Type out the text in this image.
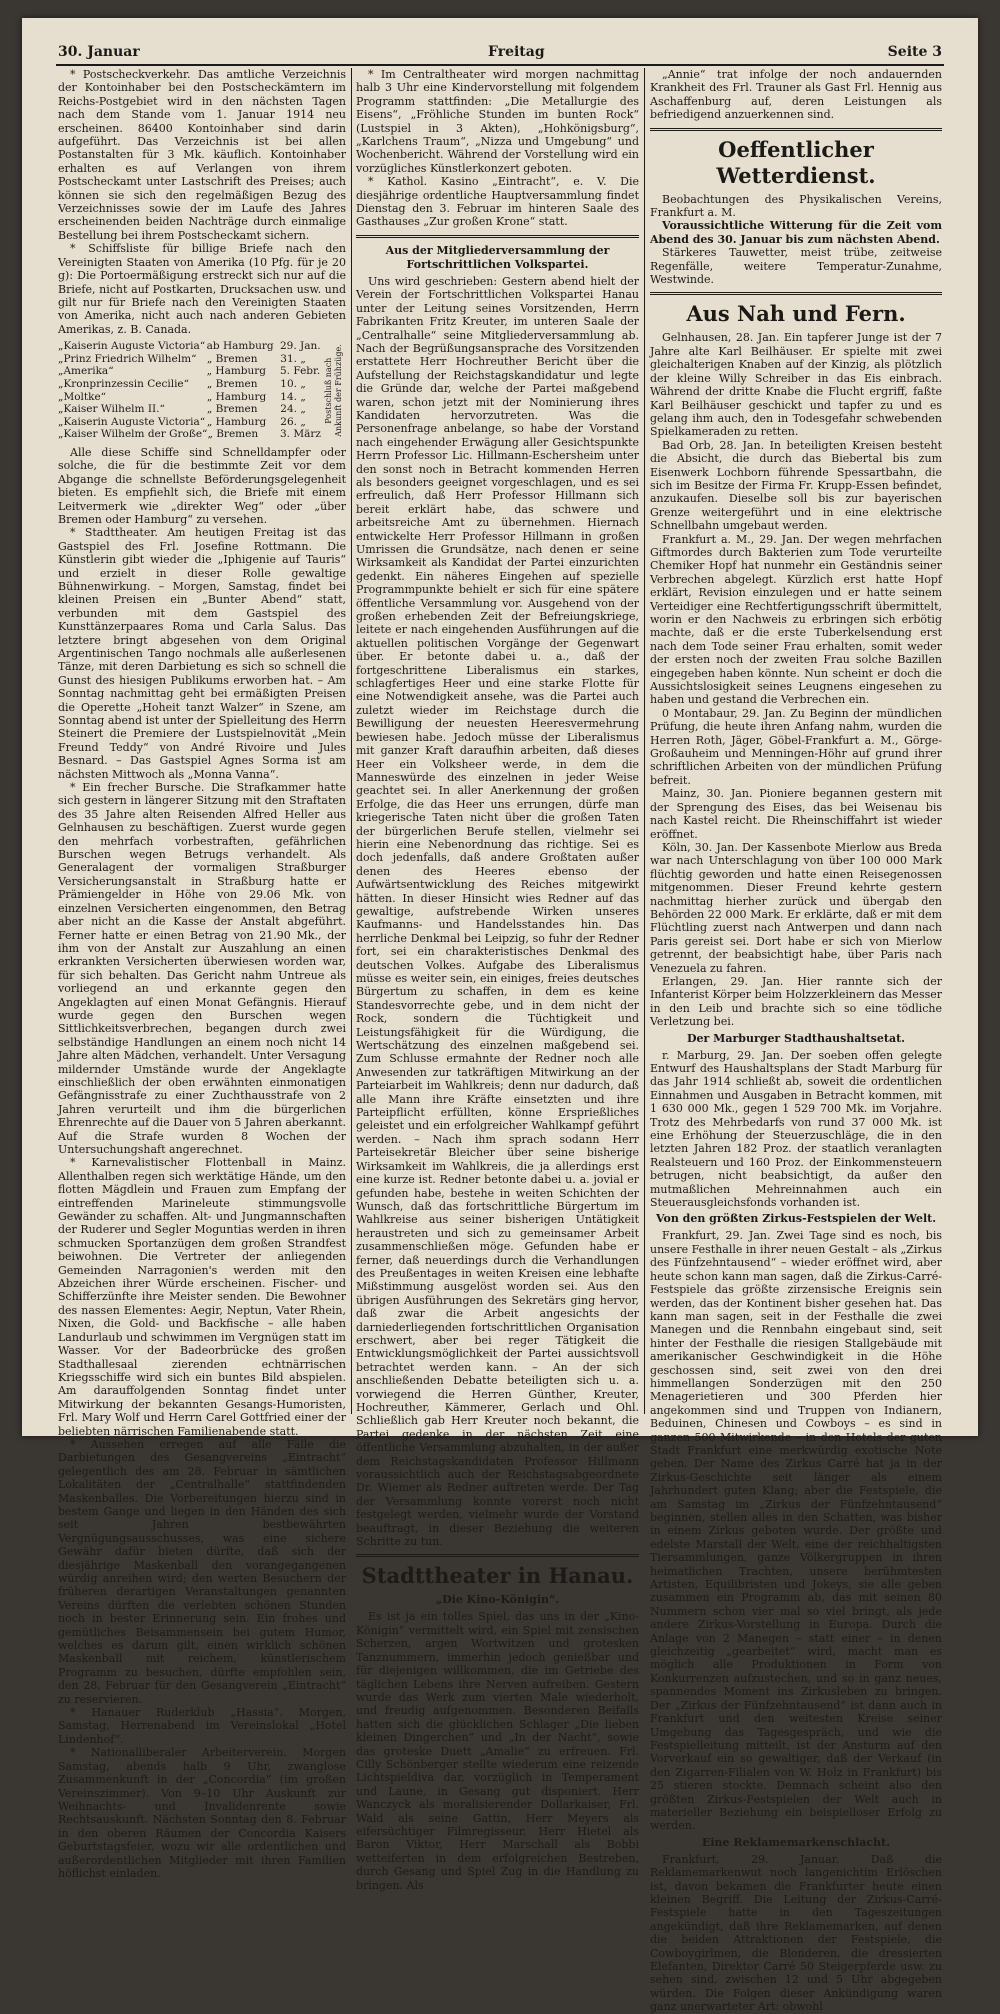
30. Januar	Freitag	Seite 3

* Postscheckverkehr. Das amtliche Verzeichnis der Kontoinhaber bei den Postscheckämtern im Reichs-Postgebiet wird in den nächsten Tagen nach dem Stande vom 1. Januar 1914 neu erscheinen. 86400 Kontoinhaber sind darin aufgeführt. Das Verzeichnis ist bei allen Postanstalten für 3 Mk. käuflich. Kontoinhaber erhalten es auf Verlangen von ihrem Postscheckamt unter Lastschrift des Preises; auch können sie sich den regelmäßigen Bezug des Verzeichnisses sowie der im Laufe des Jahres erscheinenden beiden Nachträge durch einmalige Bestellung bei ihrem Postscheckamt sichern.

* Schiffsliste für billige Briefe nach den Vereinigten Staaten von Amerika (10 Pfg. für je 20 g): Die Portoermäßigung erstreckt sich nur auf die Briefe, nicht auf Postkarten, Drucksachen usw. und gilt nur für Briefe nach den Vereinigten Staaten von Amerika, nicht auch nach anderen Gebieten Amerikas, z. B. Canada.

„Kaiserin Auguste Victoria“ ab Hamburg 29. Jan.
„Prinz Friedrich Wilhelm“ „ Bremen	31. „
„Amerika“	„ Hamburg	5. Febr.
„Kronprinzessin Cecilie“	„ Bremen	10. „
„Moltke“	„ Hamburg	14. „
„Kaiser Wilhelm II.“	„ Bremen	24. „
„Kaiserin Auguste Victoria“ „ Hamburg	26. „
„Kaiser Wilhelm der Große“ „ Bremen	3. März
Postschluß nach Ankunft der Frühzüge.

Alle diese Schiffe sind Schnelldampfer oder solche, die für die bestimmte Zeit vor dem Abgange die schnellste Beförderungsgelegenheit bieten. Es empfiehlt sich, die Briefe mit einem Leitvermerk wie „direkter Weg“ oder „über Bremen oder Hamburg“ zu versehen.

* Stadttheater. Am heutigen Freitag ist das Gastspiel des Frl. Josefine Rottmann. Die Künstlerin gibt wieder die „Iphigenie auf Tauris“ und erzielt in dieser Rolle gewaltige Bühnenwirkung. – Morgen, Samstag, findet bei kleinen Preisen ein „Bunter Abend“ statt, verbunden mit dem Gastspiel des Kunsttänzerpaares Roma und Carla Salus. Das letztere bringt abgesehen von dem Original Argentinischen Tango nochmals alle außerlesenen Tänze, mit deren Darbietung es sich so schnell die Gunst des hiesigen Publikums erworben hat. – Am Sonntag nachmittag geht bei ermäßigten Preisen die Operette „Hoheit tanzt Walzer“ in Szene, am Sonntag abend ist unter der Spielleitung des Herrn Steinert die Premiere der Lustspielnovität „Mein Freund Teddy“ von André Rivoire und Jules Besnard. – Das Gastspiel Agnes Sorma ist am nächsten Mittwoch als „Monna Vanna“.

* Ein frecher Bursche. Die Strafkammer hatte sich gestern in längerer Sitzung mit den Straftaten des 35 Jahre alten Reisenden Alfred Heller aus Gelnhausen zu beschäftigen. Zuerst wurde gegen den mehrfach vorbestraften, gefährlichen Burschen wegen Betrugs verhandelt. Als Generalagent der vormaligen Straßburger Versicherungsanstalt in Straßburg hatte er Prämiengelder in Höhe von 29.06 Mk. von einzelnen Versicherten eingenommen, den Betrag aber nicht an die Kasse der Anstalt abgeführt. Ferner hatte er einen Betrag von 21.90 Mk., der ihm von der Anstalt zur Auszahlung an einen erkrankten Versicherten überwiesen worden war, für sich behalten. Das Gericht nahm Untreue als vorliegend an und erkannte gegen den Angeklagten auf einen Monat Gefängnis. Hierauf wurde gegen den Burschen wegen Sittlichkeitsverbrechen, begangen durch zwei selbständige Handlungen an einem noch nicht 14 Jahre alten Mädchen, verhandelt. Unter Versagung mildernder Umstände wurde der Angeklagte einschließlich der oben erwähnten einmonatigen Gefängnisstrafe zu einer Zuchthausstrafe von 2 Jahren verurteilt und ihm die bürgerlichen Ehrenrechte auf die Dauer von 5 Jahren aberkannt. Auf die Strafe wurden 8 Wochen der Untersuchungshaft angerechnet.

* Karnevalistischer Flottenball in Mainz. Allenthalben regen sich werktätige Hände, um den flotten Mägdlein und Frauen zum Empfang der eintreffenden Marineleute stimmungsvolle Gewänder zu schaffen. Alt- und Jungmannschaften der Ruderer und Segler Moguntias werden in ihren schmucken Sportanzügen dem großen Strandfest beiwohnen. Die Vertreter der anliegenden Gemeinden Narragonien's werden mit den Abzeichen ihrer Würde erscheinen. Fischer- und Schifferzünfte ihre Meister senden. Die Bewohner des nassen Elementes: Aegir, Neptun, Vater Rhein, Nixen, die Gold- und Backfische – alle haben Landurlaub und schwimmen im Vergnügen statt im Wasser. Vor der Badeorbrücke des großen Stadthallesaal zierenden echtnärrischen Kriegsschiffe wird sich ein buntes Bild abspielen. Am darauffolgenden Sonntag findet unter Mitwirkung der bekannten Gesangs-Humoristen, Frl. Mary Wolf und Herrn Carel Gottfried einer der beliebten närrischen Familienabende statt.

* Aussehen erregen auf alle Fälle die Darbietungen des Gesangvereins „Eintracht“ gelegentlich des am 28. Februar in sämtlichen Lokalitäten der „Centralhalle“ stattfindenden Maskenballes. Die Vorbereitungen hierzu sind in bestem Gange und liegen in den Händen des sich seit Jahren bestbewährten Vergnügungsausschusses, was eine sichere Gewähr dafür bieten dürfte, daß sich der diesjährige Maskenball den vorangegangenen würdig anreihen wird; den werten Besuchern der früheren derartigen Veranstaltungen genannten Vereins dürften die verlebten schönen Stunden noch in bester Erinnerung sein. Ein frohes und gemütliches Beisammensein bei gutem Humor, welches es darum gilt, einen wirklich schönen Maskenball mit reichem, künstlerischem Programm zu besuchen, dürfte empfohlen sein, den 28. Februar für den Gesangverein „Eintracht“ zu reservieren.

* Hanauer Ruderklub „Hassia“. Morgen, Samstag, Herrenabend im Vereinslokal „Hotel Lindenhof“.

* Nationalliberaler Arbeiterverein. Morgen Samstag, abends halb 9 Uhr, zwanglose Zusammenkunft in der „Concordia“ (im großen Vereinszimmer). Von 9–10 Uhr Auskunft zur Weihnachts- und Invalidenrente sowie Rechtsauskunft. Nächsten Sonntag den 8. Februar in den oberen Räumen der Concordia Kaisers Geburtstagsfeier, wozu wir alle ordentlichen und außerordentlichen Mitglieder mit ihren Familien höflichst einladen.

* Im Centraltheater wird morgen nachmittag halb 3 Uhr eine Kindervorstellung mit folgendem Programm stattfinden: „Die Metallurgie des Eisens“, „Fröhliche Stunden im bunten Rock“ (Lustspiel in 3 Akten), „Hohkönigsburg“, „Karlchens Traum“, „Nizza und Umgebung“ und Wochenbericht. Während der Vorstellung wird ein vorzügliches Künstlerkonzert geboten.

* Kathol. Kasino „Eintracht“, e. V. Die diesjährige ordentliche Hauptversammlung findet Dienstag den 3. Februar im hinteren Saale des Gasthauses „Zur großen Krone“ statt.

Aus der Mitgliederversammlung der Fortschrittlichen Volkspartei.

Uns wird geschrieben: Gestern abend hielt der Verein der Fortschrittlichen Volkspartei Hanau unter der Leitung seines Vorsitzenden, Herrn Fabrikanten Fritz Kreuter, im unteren Saale der „Centralhalle“ seine Mitgliederversammlung ab. Nach der Begrüßungsansprache des Vorsitzenden erstattete Herr Hochreuther Bericht über die Aufstellung der Reichstagskandidatur und legte die Gründe dar, welche der Partei maßgebend waren, schon jetzt mit der Nominierung ihres Kandidaten hervorzutreten. Was die Personenfrage anbelange, so habe der Vorstand nach eingehender Erwägung aller Gesichtspunkte Herrn Professor Lic. Hillmann-Eschersheim unter den sonst noch in Betracht kommenden Herren als besonders geeignet vorgeschlagen, und es sei erfreulich, daß Herr Professor Hillmann sich bereit erklärt habe, das schwere und arbeitsreiche Amt zu übernehmen. Hiernach entwickelte Herr Professor Hillmann in großen Umrissen die Grundsätze, nach denen er seine Wirksamkeit als Kandidat der Partei einzurichten gedenkt. Ein näheres Eingehen auf spezielle Programmpunkte behielt er sich für eine spätere öffentliche Versammlung vor. Ausgehend von der großen erhebenden Zeit der Befreiungskriege, leitete er nach eingehenden Ausführungen auf die aktuellen politischen Vorgänge der Gegenwart über. Er betonte dabei u. a., daß der fortgeschrittene Liberalismus ein starkes, schlagfertiges Heer und eine starke Flotte für eine Notwendigkeit ansehe, was die Partei auch zuletzt wieder im Reichstage durch die Bewilligung der neuesten Heeresvermehrung bewiesen habe. Jedoch müsse der Liberalismus mit ganzer Kraft daraufhin arbeiten, daß dieses Heer ein Volksheer werde, in dem die Manneswürde des einzelnen in jeder Weise geachtet sei. In aller Anerkennung der großen Erfolge, die das Heer uns errungen, dürfe man kriegerische Taten nicht über die großen Taten der bürgerlichen Berufe stellen, vielmehr sei hierin eine Nebenordnung das richtige. Sei es doch jedenfalls, daß andere Großtaten außer denen des Heeres ebenso der Aufwärtsentwicklung des Reiches mitgewirkt hätten. In dieser Hinsicht wies Redner auf das gewaltige, aufstrebende Wirken unseres Kaufmanns- und Handelsstandes hin. Das herrliche Denkmal bei Leipzig, so fuhr der Redner fort, sei ein charakteristisches Denkmal des deutschen Volkes. Aufgabe des Liberalismus müsse es weiter sein, ein einiges, freies deutsches Bürgertum zu schaffen, in dem es keine Standesvorrechte gebe, und in dem nicht der Rock, sondern die Tüchtigkeit und Leistungsfähigkeit für die Würdigung, die Wertschätzung des einzelnen maßgebend sei. Zum Schlusse ermahnte der Redner noch alle Anwesenden zur tatkräftigen Mitwirkung an der Parteiarbeit im Wahlkreis; denn nur dadurch, daß alle Mann ihre Kräfte einsetzten und ihre Parteipflicht erfüllten, könne Ersprießliches geleistet und ein erfolgreicher Wahlkampf geführt werden. – Nach ihm sprach sodann Herr Parteisekretär Bleicher über seine bisherige Wirksamkeit im Wahlkreis, die ja allerdings erst eine kurze ist. Redner betonte dabei u. a. jovial er gefunden habe, bestehe in weiten Schichten der Wunsch, daß das fortschrittliche Bürgertum im Wahlkreise aus seiner bisherigen Untätigkeit heraustreten und sich zu gemeinsamer Arbeit zusammenschließen möge. Gefunden habe er ferner, daß neuerdings durch die Verhandlungen des Preußentages in weiten Kreisen eine lebhafte Mißstimmung ausgelöst worden sei. Aus den übrigen Ausführungen des Sekretärs ging hervor, daß zwar die Arbeit angesichts der darniederliegenden fortschrittlichen Organisation erschwert, aber bei reger Tätigkeit die Entwicklungsmöglichkeit der Partei aussichtsvoll betrachtet werden kann. – An der sich anschließenden Debatte beteiligten sich u. a. vorwiegend die Herren Günther, Kreuter, Hochreuther, Kämmerer, Gerlach und Ohl. Schließlich gab Herr Kreuter noch bekannt, die Partei gedenke in der nächsten Zeit eine öffentliche Versammlung abzuhalten, in der außer dem Reichstagskandidaten Professor Hillmann voraussichtlich auch der Reichstagsabgeordnete Dr. Wiemer als Redner auftreten werde. Der Tag der Versammlung konnte vorerst noch nicht festgelegt werden, vielmehr wurde der Vorstand beauftragt, in dieser Beziehung die weiteren Schritte zu tun.

Stadttheater in Hanau.

„Die Kino-Königin“.

Es ist ja ein tolles Spiel, das uns in der „Kino-Königin“ vermittelt wird, ein Spiel mit zensischen Scherzen, argen Wortwitzen und grotesken Tanznummern, immerhin jedoch genießbar und für diejenigen willkommen, die im Getriebe des täglichen Lebens ihre Nerven aufreiben. Gestern wurde das Werk zum vierten Male wiederholt, und freudig aufgenommen. Besonderen Beifalls hatten sich die glücklichen Schlager „Die lieben kleinen Dingerchen“ und „In der Nacht“, sowie das groteske Duett „Amalie“ zu erfreuen. Frl. Cilly Schönberger stellte wiederum eine reizende Lichtspieldiva dar, vorzüglich in Temperament und Laune, in Gesang gut disponiert. Herr Wanczyck als moralisierender Dollarkaiser, Frl. Wald als seine Gattin, Herr Meyers als eifersüchtiger Filmregisseur, Herr Hietel als Baron Viktor, Herr Marschall als Bobbi wetteiferten in dem erfolgreichen Bestreben, durch Gesang und Spiel Zug in die Handlung zu bringen. Als

„Annie“ trat infolge der noch andauernden Krankheit des Frl. Trauner als Gast Frl. Hennig aus Aschaffenburg auf, deren Leistungen als befriedigend anzuerkennen sind.

Oeffentlicher Wetterdienst.

Beobachtungen des Physikalischen Vereins, Frankfurt a. M.

Voraussichtliche Witterung für die Zeit vom Abend des 30. Januar bis zum nächsten Abend.

Stärkeres Tauwetter, meist trübe, zeitweise Regenfälle, weitere Temperatur-Zunahme, Westwinde.

Aus Nah und Fern.

Gelnhausen, 28. Jan. Ein tapferer Junge ist der 7 Jahre alte Karl Beilhäuser. Er spielte mit zwei gleichalterigen Knaben auf der Kinzig, als plötzlich der kleine Willy Schreiber in das Eis einbrach. Während der dritte Knabe die Flucht ergriff, faßte Karl Beilhäuser geschickt und tapfer zu und es gelang ihm auch, den in Todesgefahr schwebenden Spielkameraden zu retten.

Bad Orb, 28. Jan. In beteiligten Kreisen besteht die Absicht, die durch das Biebertal bis zum Eisenwerk Lochborn führende Spessartbahn, die sich im Besitze der Firma Fr. Krupp-Essen befindet, anzukaufen. Dieselbe soll bis zur bayerischen Grenze weitergeführt und in eine elektrische Schnellbahn umgebaut werden.

Frankfurt a. M., 29. Jan. Der wegen mehrfachen Giftmordes durch Bakterien zum Tode verurteilte Chemiker Hopf hat nunmehr ein Geständnis seiner Verbrechen abgelegt. Kürzlich erst hatte Hopf erklärt, Revision einzulegen und er hatte seinem Verteidiger eine Rechtfertigungsschrift übermittelt, worin er den Nachweis zu erbringen sich erbötig machte, daß er die erste Tuberkelsendung erst nach dem Tode seiner Frau erhalten, somit weder der ersten noch der zweiten Frau solche Bazillen eingegeben haben könnte. Nun scheint er doch die Aussichtslosigkeit seines Leugnens eingesehen zu haben und gestand die Verbrechen ein.

0 Montabaur, 29. Jan. Zu Beginn der mündlichen Prüfung, die heute ihren Anfang nahm, wurden die Herren Roth, Jäger, Göbel-Frankfurt a. M., Görge-Großauheim und Menningen-Höhr auf grund ihrer schriftlichen Arbeiten von der mündlichen Prüfung befreit.

Mainz, 30. Jan. Pioniere begannen gestern mit der Sprengung des Eises, das bei Weisenau bis nach Kastel reicht. Die Rheinschiffahrt ist wieder eröffnet.

Köln, 30. Jan. Der Kassenbote Mierlow aus Breda war nach Unterschlagung von über 100 000 Mark flüchtig geworden und hatte einen Reisegenossen mitgenommen. Dieser Freund kehrte gestern nachmittag hierher zurück und übergab den Behörden 22 000 Mark. Er erklärte, daß er mit dem Flüchtling zuerst nach Antwerpen und dann nach Paris gereist sei. Dort habe er sich von Mierlow getrennt, der beabsichtigt habe, über Paris nach Venezuela zu fahren.

Erlangen, 29. Jan. Hier rannte sich der Infanterist Körper beim Holzzerkleinern das Messer in den Leib und brachte sich so eine tödliche Verletzung bei.

Der Marburger Stadthaushaltsetat.

r. Marburg, 29. Jan. Der soeben offen gelegte Entwurf des Haushaltsplans der Stadt Marburg für das Jahr 1914 schließt ab, soweit die ordentlichen Einnahmen und Ausgaben in Betracht kommen, mit 1 630 000 Mk., gegen 1 529 700 Mk. im Vorjahre. Trotz des Mehrbedarfs von rund 37 000 Mk. ist eine Erhöhung der Steuerzuschläge, die in den letzten Jahren 182 Proz. der staatlich veranlagten Realsteuern und 160 Proz. der Einkommensteuern betrugen, nicht beabsichtigt, da außer den mutmaßlichen Mehreinnahmen auch ein Steuerausgleichsfonds vorhanden ist.

Von den größten Zirkus-Festspielen der Welt.

Frankfurt, 29. Jan. Zwei Tage sind es noch, bis unsere Festhalle in ihrer neuen Gestalt – als „Zirkus des Fünfzehntausend“ – wieder eröffnet wird, aber heute schon kann man sagen, daß die Zirkus-Carré-Festspiele das größte zirzensische Ereignis sein werden, das der Kontinent bisher gesehen hat. Das kann man sagen, seit in der Festhalle die zwei Manegen und die Rennbahn eingebaut sind, seit hinter der Festhalle die riesigen Stallgebäude mit amerikanischer Geschwindigkeit in die Höhe geschossen sind, seit zwei von den drei himmellangen Sonderzügen mit den 250 Menagerietieren und 300 Pferden hier angekommen sind und Truppen von Indianern, Beduinen, Chinesen und Cowboys – es sind in ganzen 500 Mitwirkende – in den Hotels der guten Stadt Frankfurt eine merkwürdig exotische Note geben. Der Name des Zirkus Carré hat ja in der Zirkus-Geschichte seit länger als einem Jahrhundert guten Klang; aber die Festspiele, die am Samstag im „Zirkus der Fünfzehntausend“ beginnen, stellen alles in den Schatten, was bisher in einem Zirkus geboten wurde. Der größte und edelste Marstall der Welt, eine der reichhaltigsten Tiersammlungen, ganze Völkergruppen in ihren heimatlichen Trachten, unsere berühmtesten Artisten, Equilibristen und Jokeys, sie alle geben zusammen ein Programm ab, das mit seinen 80 Nummern schon vier mal so viel bringt, als jede andere Zirkus-Vorstellung in Europa. Durch die Anlage von 2 Manegen – statt einer – in denen gleichzeitig „gearbeitet“ wird, macht man es möglich alle Produktionen in Form von Konkurrenzen aufzustechen, und so in ganz neues, spannendes Moment ins Zirkusleben zu bringen. Der „Zirkus der Fünfzehntausend“ ist dann auch in Frankfurt und den weitesten Kreise seiner Umgebung das Tagesgespräch, und wie die Festspielleitung mitteilt, ist der Ansturm auf den Vorverkauf ein so gewaltiger, daß der Verkauf (in den Zigarren-Filialen von W. Holz in Frankfurt) bis 25 stieren stockte. Demnach scheint also den größten Zirkus-Festspielen der Welt auch in materieller Beziehung ein beispielloser Erfolg zu werden.

Eine Reklamemarkenschlacht.

Frankfurt, 29. Januar. Daß die Reklamemarkenwut noch langenichtim Erlöschen ist, davon bekamen die Frankfurter heute einen kleinen Begriff. Die Leitung der Zirkus-Carré-Festspiele hatte in den Tageszeitungen angekündigt, daß ihre Reklamemarken, auf denen die beiden Attraktionen der Festspiele, die Cowboygirlmen, die Blonderen, die dressierten Elefanten, Direktor Carré 50 Steigerpferde usw. zu sehen sind, zwischen 12 und 5 Uhr abgegeben würden. Die Folgen dieser Ankündigung waren ganz unerwarteter Art: obwohl
